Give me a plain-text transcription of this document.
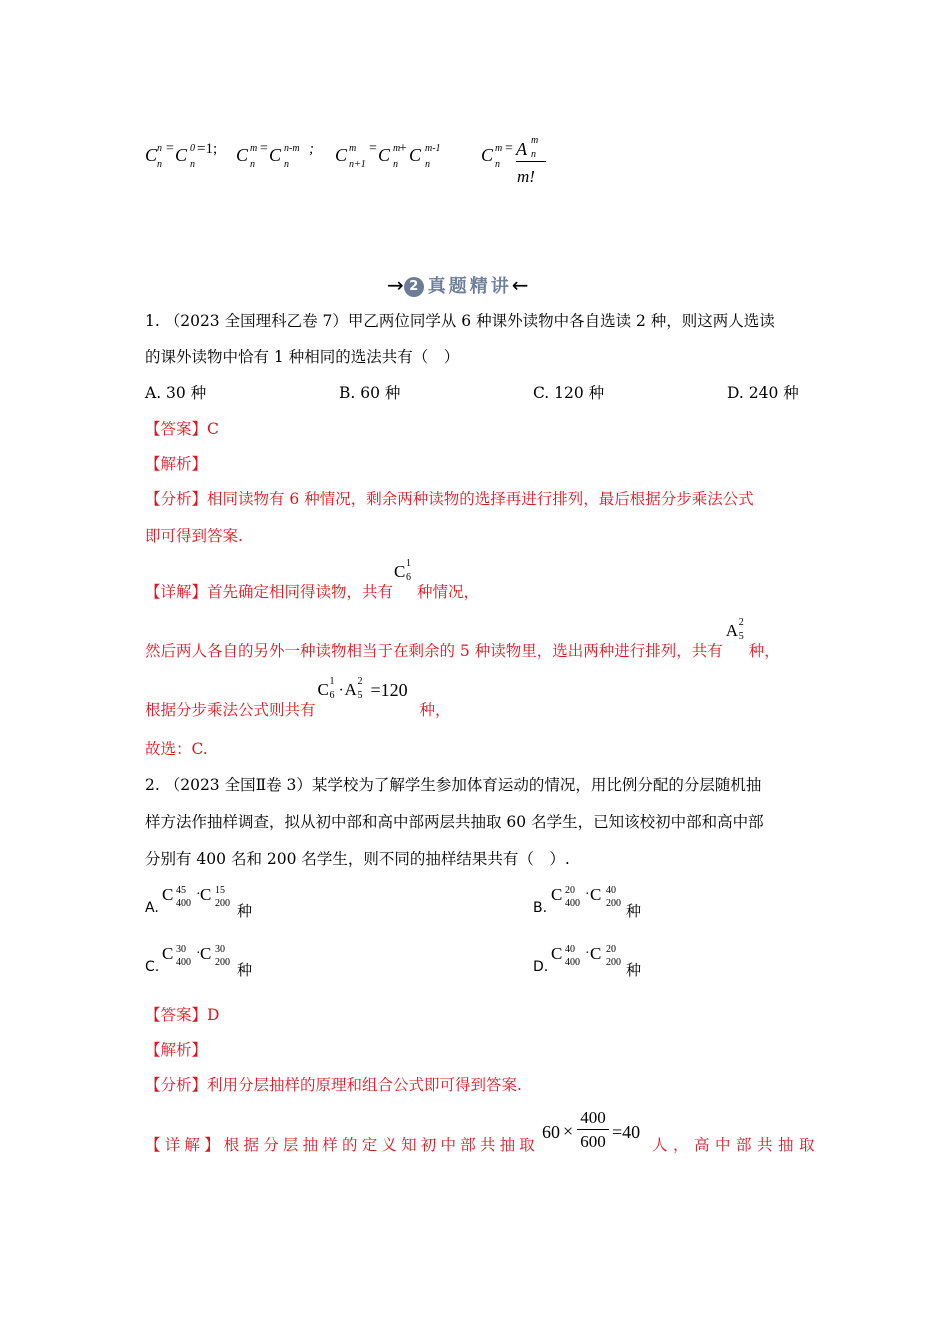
C n
n
= C 0
n
=1; C m
n
= C n-m
n
; C m
n+1
= C m
n
+ C m-1
n	C m
n
= A m
n
m!
→ 2 真题精讲←
1. （2023 全国理科乙卷 7）甲乙两位同学从 6 种课外读物中各自选读 2 种，则这两人选读
的课外读物中恰有 1 种相同的选法共有（　）
A. 30 种	B. 60 种	C. 120 种	D. 240 种
【答案】C
【解析】
【分析】相同读物有 6 种情况，剩余两种读物的选择再进行排列，最后根据分步乘法公式
即可得到答案.
【详解】首先确定相同得读物，共有
C 1
6
种情况，
然后两人各自的另外一种读物相当于在剩余的 5 种读物里，选出两种进行排列，共有
A 2
5
种，
根据分步乘法公式则共有
C 1
6 · A 2
5 =120
种，
故选：C.
2. （2023 全国Ⅱ卷 3）某学校为了解学生参加体育运动的情况，用比例分配的分层随机抽
样方法作抽样调查，拟从初中部和高中部两层共抽取 60 名学生，已知该校初中部和高中部
分别有 400 名和 200 名学生，则不同的抽样结果共有（　）.
A.
C 45
400
· C 15
200
种	B.
C 20
400
· C 40
200
种
C.
C 30
400
· C 30
200
种	D.
C 40
400
· C 20
200
种
【答案】D
【解析】
【分析】利用分层抽样的原理和组合公式即可得到答案.
【详解】根据分层抽样的定义知初中部共抽取
60 ×
400
600 =40
人，高中部共抽取
